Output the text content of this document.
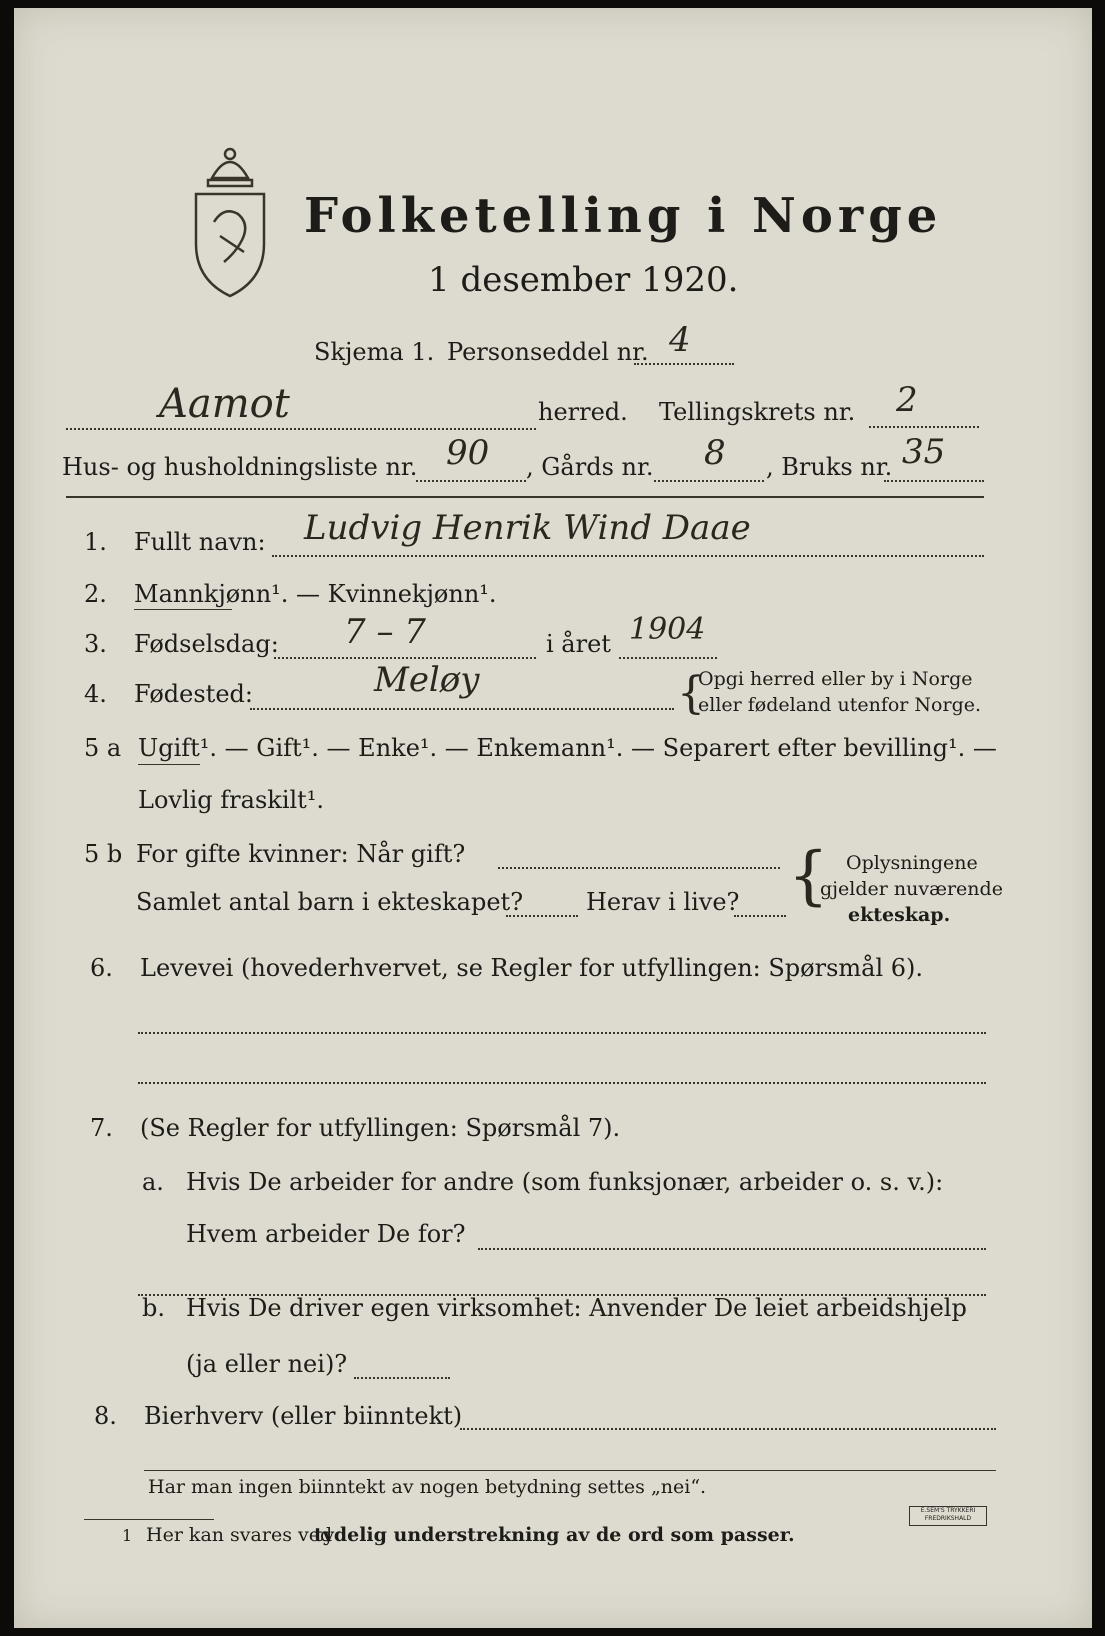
Folketelling i Norge
1 desember 1920.
Skjema 1. Personseddel nr. 4
Aamot	herred. Tellingskrets nr. 2
Hus- og husholdningsliste nr. 90 , Gårds nr. 8 , Bruks nr. 35
1. Fullt navn: Ludvig Henrik Wind Daae
2. Mannkjønn¹. — Kvinnekjønn¹.
3. Fødselsdag: 7 – 7	i året 1904
4. Fødested:	Meløy	{
Opgi herred eller by i Norge
eller fødeland utenfor Norge.
5 a Ugift¹. — Gift¹. — Enke¹. — Enkemann¹. — Separert efter bevilling¹. —
Lovlig fraskilt¹.
5 b For gifte kvinner: Når gift?
Samlet antal barn i ekteskapet?	Herav i live? { Oplysningene
gjelder nuværende
ekteskap.
6. Levevei (hovederhvervet, se Regler for utfyllingen: Spørsmål 6).
7. (Se Regler for utfyllingen: Spørsmål 7).
a. Hvis De arbeider for andre (som funksjonær, arbeider o. s. v.):
Hvem arbeider De for?
b. Hvis De driver egen virksomhet: Anvender De leiet arbeidshjelp
(ja eller nei)?
8. Bierhverv (eller biinntekt)
Har man ingen biinntekt av nogen betydning settes „nei“.
1 Her kan svares ved
tydelig understrekning av de ord som passer.
E.SEM'S TRYKKERI FREDRIKSHALD
